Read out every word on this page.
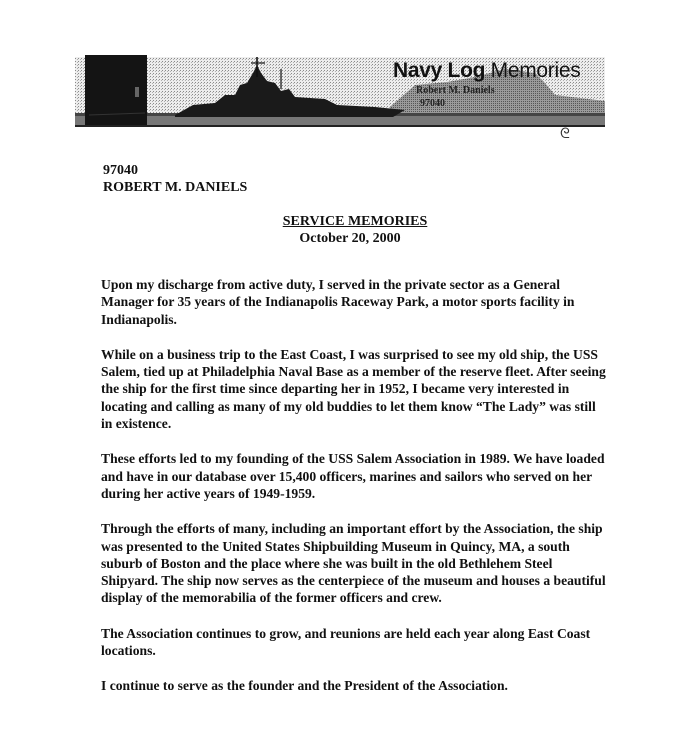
Navy Log Memories
Robert M. Daniels
97040
ᘓ
97040
ROBERT M. DANIELS
SERVICE MEMORIES
October 20, 2000

Upon my discharge from active duty, I served in the private sector as a General Manager for 35 years of the Indianapolis Raceway Park, a motor sports facility in Indianapolis.

While on a business trip to the East Coast, I was surprised to see my old ship, the USS Salem, tied up at Philadelphia Naval Base as a member of the reserve fleet. After seeing the ship for the first time since departing her in 1952, I became very interested in locating and calling as many of my old buddies to let them know “The Lady” was still in existence.

These efforts led to my founding of the USS Salem Association in 1989. We have loaded and have in our database over 15,400 officers, marines and sailors who served on her during her active years of 1949-1959.

Through the efforts of many, including an important effort by the Association, the ship was presented to the United States Shipbuilding Museum in Quincy, MA, a south suburb of Boston and the place where she was built in the old Bethlehem Steel Shipyard. The ship now serves as the centerpiece of the museum and houses a beautiful display of the memorabilia of the former officers and crew.

The Association continues to grow, and reunions are held each year along East Coast locations.

I continue to serve as the founder and the President of the Association.
